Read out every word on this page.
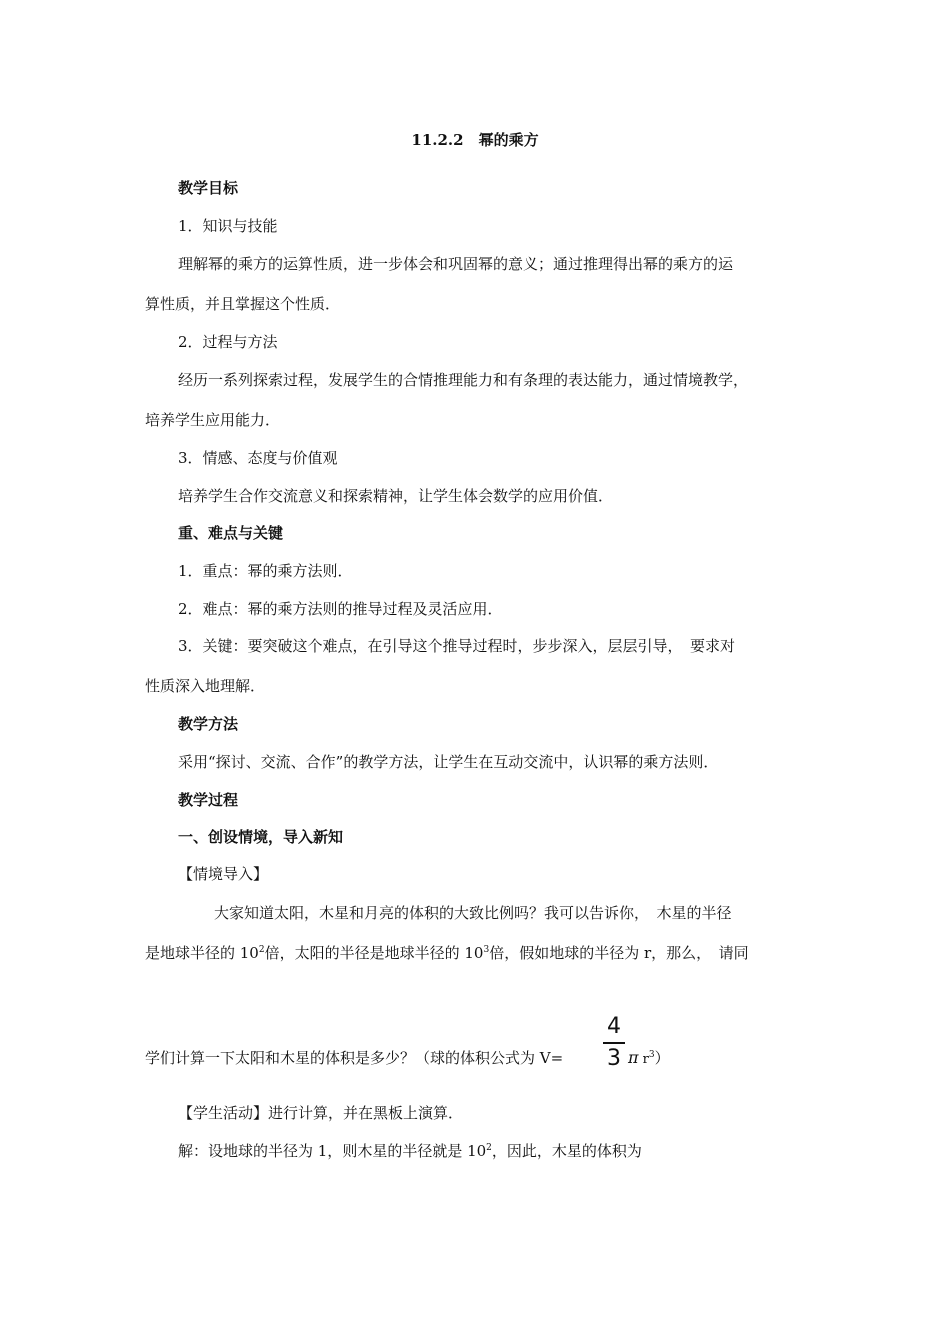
11.2.2　幂的乘方
教学目标
1．知识与技能
理解幂的乘方的运算性质，进一步体会和巩固幂的意义；通过推理得出幂的乘方的运
算性质，并且掌握这个性质．
2．过程与方法
经历一系列探索过程，发展学生的合情推理能力和有条理的表达能力，通过情境教学，
培养学生应用能力．
3．情感、态度与价值观
培养学生合作交流意义和探索精神，让学生体会数学的应用价值．
重、难点与关键
1．重点：幂的乘方法则．
2．难点：幂的乘方法则的推导过程及灵活应用．
3．关键：要突破这个难点，在引导这个推导过程时，步步深入，层层引导，　要求对
性质深入地理解．
教学方法
采用“探讨、交流、合作”的教学方法，让学生在互动交流中，认识幂的乘方法则．
教学过程
一、创设情境，导入新知
【情境导入】
大家知道太阳，木星和月亮的体积的大致比例吗？我可以告诉你，　木星的半径
是地球半径的 $10^2$倍，太阳的半径是地球半径的 $10^3$倍，假如地球的半径为 r，那么，　请同
学们计算一下太阳和木星的体积是多少？（球的体积公式为 V=
4
3 π $r^3$）
【学生活动】进行计算，并在黑板上演算．
解：设地球的半径为 1，则木星的半径就是 $10^2$，因此，木星的体积为
